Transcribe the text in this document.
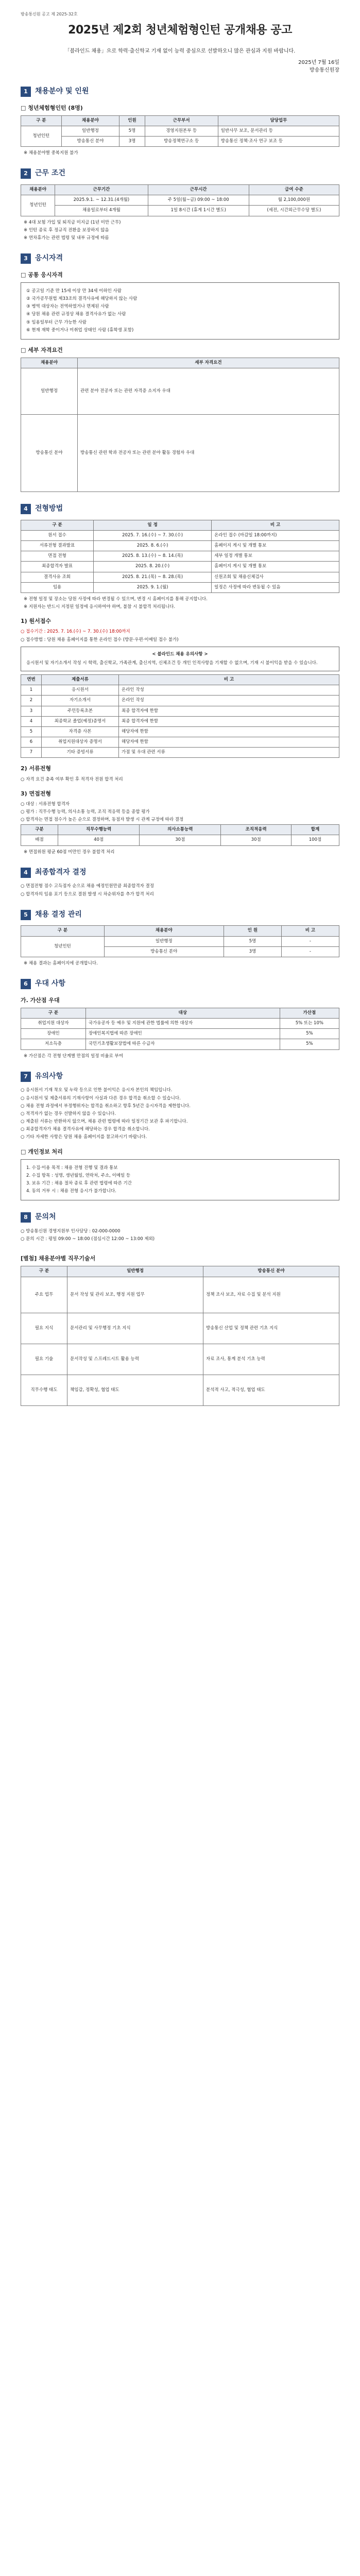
방송통신원 공고 제 2025-32호
2025년 제2회 청년체험형인턴 공개채용 공고
「블라인드 채용」으로 학력·출신학교 기재 없이 능력 중심으로 선발하오니 많은 관심과 지원 바랍니다.
2025년 7월 16일
방송통신원장
1	채용분야 및 인원
□ 청년체험형인턴 (8명)
구 분	채용분야	인원	근무부서	담당업무
청년인턴	일반행정	5명	경영지원본부 등	일반사무 보조, 문서관리 등
	방송통신 분야	3명	방송정책연구소 등	방송통신 정책·조사 연구 보조 등
※ 채용분야별 중복지원 불가
2	근무 조건
채용분야	근무기간	근무시간	급여 수준
청년인턴	2025.9.1. ~ 12.31.(4개월)	주 5일(월~금) 09:00 ~ 18:00	월 2,100,000원
	채용일로부터 4개월	1일 8시간 (휴게 1시간 별도)	(세전, 시간외근무수당 별도)
※ 4대 보험 가입 및 퇴직금 미지급 (1년 미만 근무)
※ 인턴 종료 후 정규직 전환을 보장하지 않음
※ 연차휴가는 관련 법령 및 내부 규정에 따름
3	응시자격
□ 공통 응시자격

① 공고일 기준 만 15세 이상 만 34세 이하인 사람

② 국가공무원법 제33조의 결격사유에 해당하지 않는 사람

③ 병역 대상자는 전역하였거나 면제된 사람

④ 당원 채용 관련 규정상 채용 결격사유가 없는 사람

⑤ 임용일부터 근무 가능한 사람

⑥ 현재 재학 중이거나 미취업 상태인 사람 (휴학생 포함)

□ 세부 자격요건
채용분야	세부 자격요건
일반행정	관련 분야 전공자 또는 관련 자격증 소지자 우대
방송통신 분야	방송통신 관련 학과 전공자 또는 관련 분야 활동 경험자 우대
4	전형방법
구 분	일 정	비 고
원서 접수	2025. 7. 16.(수) ~ 7. 30.(수)	온라인 접수 (마감일 18:00까지)
서류전형 결과발표	2025. 8. 6.(수)	홈페이지 게시 및 개별 통보
면접 전형	2025. 8. 13.(수) ~ 8. 14.(목)	세부 일정 개별 통보
최종합격자 발표	2025. 8. 20.(수)	홈페이지 게시 및 개별 통보
결격사유 조회	2025. 8. 21.(목) ~ 8. 28.(목)	신원조회 및 채용신체검사
임용	2025. 9. 1.(월)	일정은 사정에 따라 변동될 수 있음
※ 전형 일정 및 장소는 당원 사정에 따라 변경될 수 있으며, 변경 시 홈페이지를 통해 공지합니다.
※ 지원자는 반드시 지정된 일정에 응시하여야 하며, 불참 시 불합격 처리됩니다.
1) 원서접수

○ 접수기간 : 2025. 7. 16.(수) ~ 7. 30.(수) 18:00까지

○ 접수방법 : 당원 채용 홈페이지를 통한 온라인 접수 (방문·우편·이메일 접수 불가)

< 블라인드 채용 유의사항 >
응시원서 및 자기소개서 작성 시 학력, 출신학교, 가족관계, 출신지역, 신체조건 등 개인 인적사항을 기재할 수 없으며, 기재 시 불이익을 받을 수 있습니다.
연번	제출서류	비 고
1	응시원서	온라인 작성
2	자기소개서	온라인 작성
3	주민등록초본	최종 합격자에 한함
4	최종학교 졸업(예정)증명서	최종 합격자에 한함
5	자격증 사본	해당자에 한함
6	취업지원대상자 증명서	해당자에 한함
7	기타 증빙서류	가점 및 우대 관련 서류
2) 서류전형

○ 자격 요건 충족 여부 확인 후 적격자 전원 합격 처리

3) 면접전형

○ 대상 : 서류전형 합격자

○ 평가 : 직무수행 능력, 의사소통 능력, 조직 적응력 등을 종합 평가

○ 합격자는 면접 점수가 높은 순으로 결정하며, 동점자 발생 시 관계 규정에 따라 결정

구분	직무수행능력	의사소통능력	조직적응력	합계
배점	40점	30점	30점	100점
※ 면접위원 평균 60점 미만인 경우 불합격 처리
4	최종합격자 결정

○ 면접전형 점수 고득점자 순으로 채용 예정인원만큼 최종합격자 결정

○ 합격자의 임용 포기 등으로 결원 발생 시 차순위자를 추가 합격 처리

5	채용 결정 관리
구 분	채용분야	인 원	비 고
청년인턴	일반행정	5명	-
	방송통신 분야	3명	-
※ 채용 결과는 홈페이지에 공개합니다.
6	우대 사항
가. 가산점 우대
구 분	대상	가산점
취업지원 대상자	국가유공자 등 예우 및 지원에 관한 법률에 의한 대상자	5% 또는 10%
장애인	장애인복지법에 따른 장애인	5%
저소득층	국민기초생활보장법에 따른 수급자	5%
※ 가산점은 각 전형 단계별 만점의 일정 비율로 부여
7	유의사항

○ 응시원서 기재 착오 및 누락 등으로 인한 불이익은 응시자 본인의 책임입니다.

○ 응시원서 및 제출서류의 기재사항이 사실과 다른 경우 합격을 취소할 수 있습니다.

○ 채용 전형 과정에서 부정행위자는 합격을 취소하고 향후 5년간 응시자격을 제한합니다.

○ 적격자가 없는 경우 선발하지 않을 수 있습니다.

○ 제출된 서류는 반환하지 않으며, 채용 관련 법령에 따라 일정기간 보관 후 파기합니다.

○ 최종합격자가 채용 결격사유에 해당하는 경우 합격을 취소합니다.

○ 기타 자세한 사항은 당원 채용 홈페이지를 참고하시기 바랍니다.

□ 개인정보 처리

1. 수집·이용 목적 : 채용 전형 진행 및 결과 통보

2. 수집 항목 : 성명, 생년월일, 연락처, 주소, 이메일 등

3. 보유 기간 : 채용 절차 종료 후 관련 법령에 따른 기간

4. 동의 거부 시 : 채용 전형 응시가 불가합니다.

8	문의처

○ 방송통신원 경영지원부 인사담당 : 02-000-0000

○ 문의 시간 : 평일 09:00 ~ 18:00 (점심시간 12:00 ~ 13:00 제외)

[별첨] 채용분야별 직무기술서
구 분	일반행정	방송통신 분야
주요 업무	문서 작성 및 관리 보조, 행정 지원 업무	정책 조사 보조, 자료 수집 및 분석 지원
필요 지식	문서관리 및 사무행정 기초 지식	방송통신 산업 및 정책 관련 기초 지식
필요 기술	문서작성 및 스프레드시트 활용 능력	자료 조사, 통계 분석 기초 능력
직무수행 태도	책임감, 정확성, 협업 태도	분석적 사고, 적극성, 협업 태도
